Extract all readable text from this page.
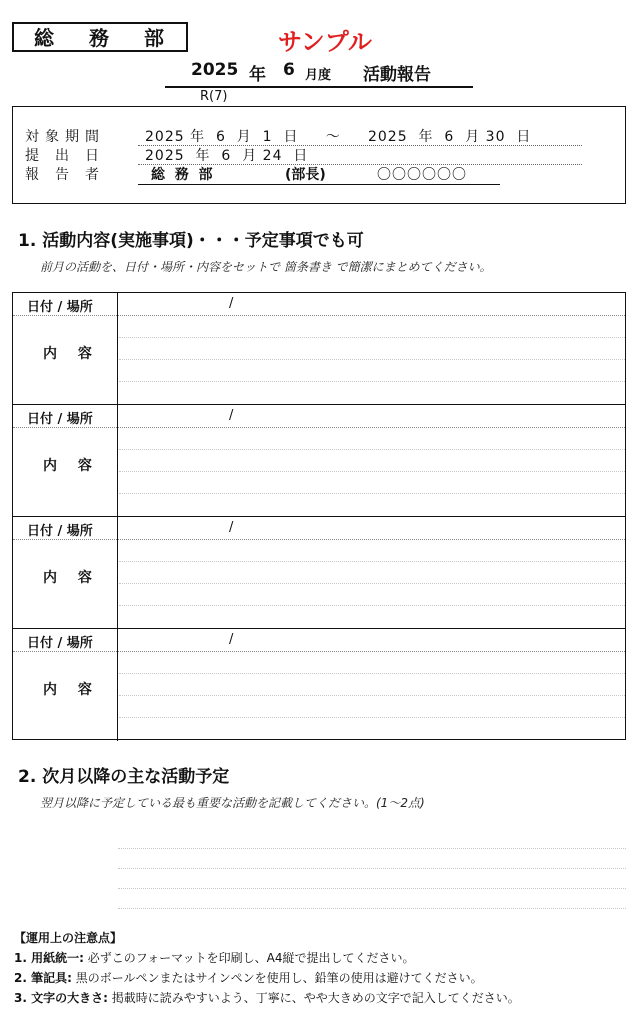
総 務 部	サンプル
2025 年 6 月度 活動報告
R(7)
対象期間	2025 年  6  月  1  日     ～     2025  年  6  月 30  日
提出日 2025  年  6  月 24  日
報告者	総  務  部	(部長)	〇〇〇〇〇〇
1. 活動内容(実施事項)・・・予定事項でも可
前月の活動を、日付・場所・内容をセットで 箇条書き で簡潔にまとめてください。
日付 / 場所	/
内 容
日付 / 場所	/
内 容
日付 / 場所	/
内 容
日付 / 場所	/
内 容
2. 次月以降の主な活動予定
翌月以降に予定している最も重要な活動を記載してください。(1～2点)
【運用上の注意点】
1. 用紙統一: 必ずこのフォーマットを印刷し、A4縦で提出してください。
2. 筆記具: 黒のボールペンまたはサインペンを使用し、鉛筆の使用は避けてください。
3. 文字の大きさ: 掲載時に読みやすいよう、丁寧に、やや大きめの文字で記入してください。
